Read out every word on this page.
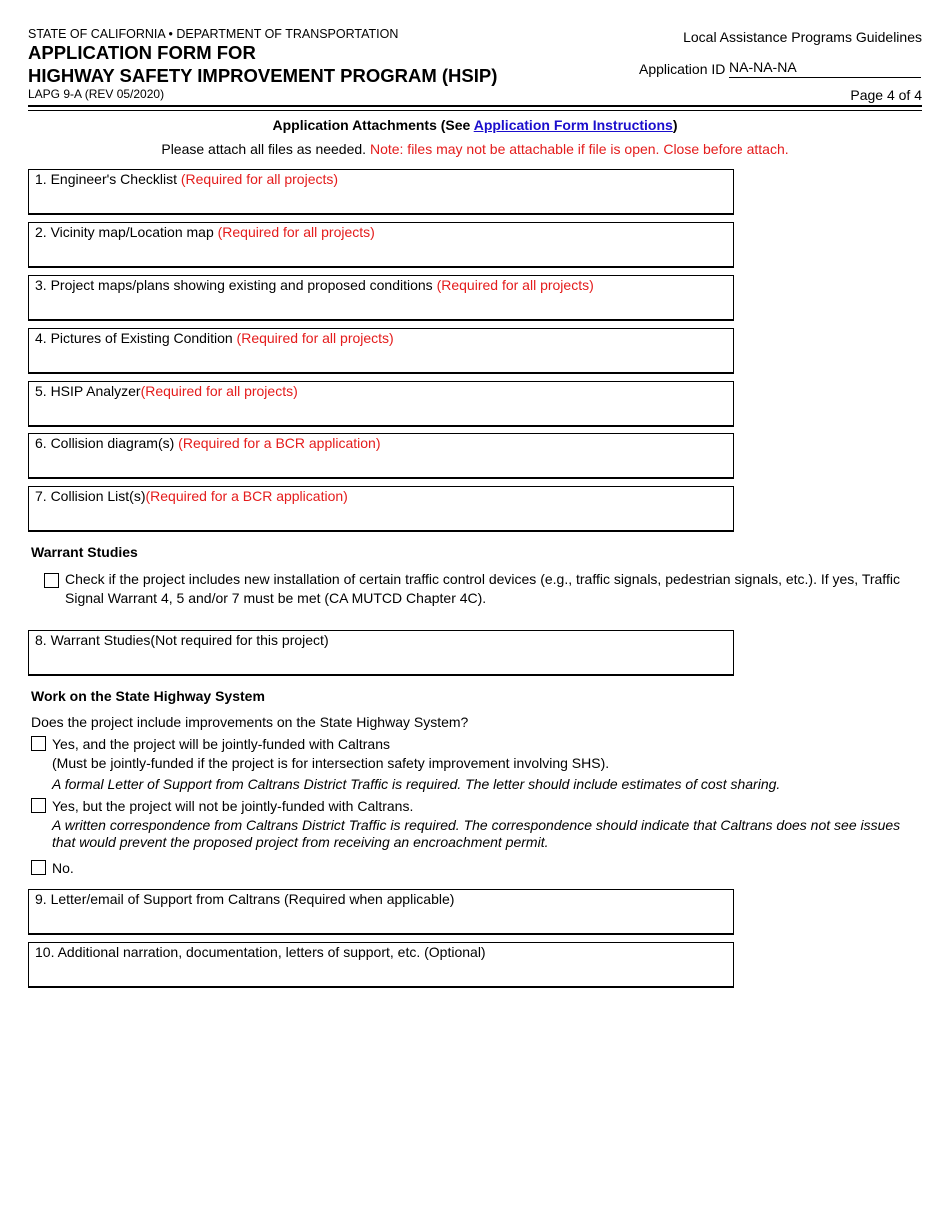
STATE OF CALIFORNIA • DEPARTMENT OF TRANSPORTATION
APPLICATION FORM FOR
HIGHWAY SAFETY IMPROVEMENT PROGRAM (HSIP)
LAPG 9-A (REV 05/2020)
Local Assistance Programs Guidelines
Application ID NA-NA-NA
Page 4 of 4
Application Attachments (See Application Form Instructions)
Please attach all files as needed. Note: files may not be attachable if file is open. Close before attach.
1. Engineer's Checklist (Required for all projects)
2. Vicinity map/Location map (Required for all projects)
3. Project maps/plans showing existing and proposed conditions (Required for all projects)
4. Pictures of Existing Condition (Required for all projects)
5. HSIP Analyzer(Required for all projects)
6. Collision diagram(s) (Required for a BCR application)
7. Collision List(s)(Required for a BCR application)
Warrant Studies
Check if the project includes new installation of certain traffic control devices (e.g., traffic signals, pedestrian signals, etc.). If yes, Traffic Signal Warrant 4, 5 and/or 7 must be met (CA MUTCD Chapter 4C).
8. Warrant Studies(Not required for this project)
Work on the State Highway System
Does the project include improvements on the State Highway System?
Yes, and the project will be jointly-funded with Caltrans
(Must be jointly-funded if the project is for intersection safety improvement involving SHS).
A formal Letter of Support from Caltrans District Traffic is required. The letter should include estimates of cost sharing.
Yes, but the project will not be jointly-funded with Caltrans.
A written correspondence from Caltrans District Traffic is required. The correspondence should indicate that Caltrans does not see issues that would prevent the proposed project from receiving an encroachment permit.
No.
9. Letter/email of Support from Caltrans (Required when applicable)
10. Additional narration, documentation, letters of support, etc. (Optional)
